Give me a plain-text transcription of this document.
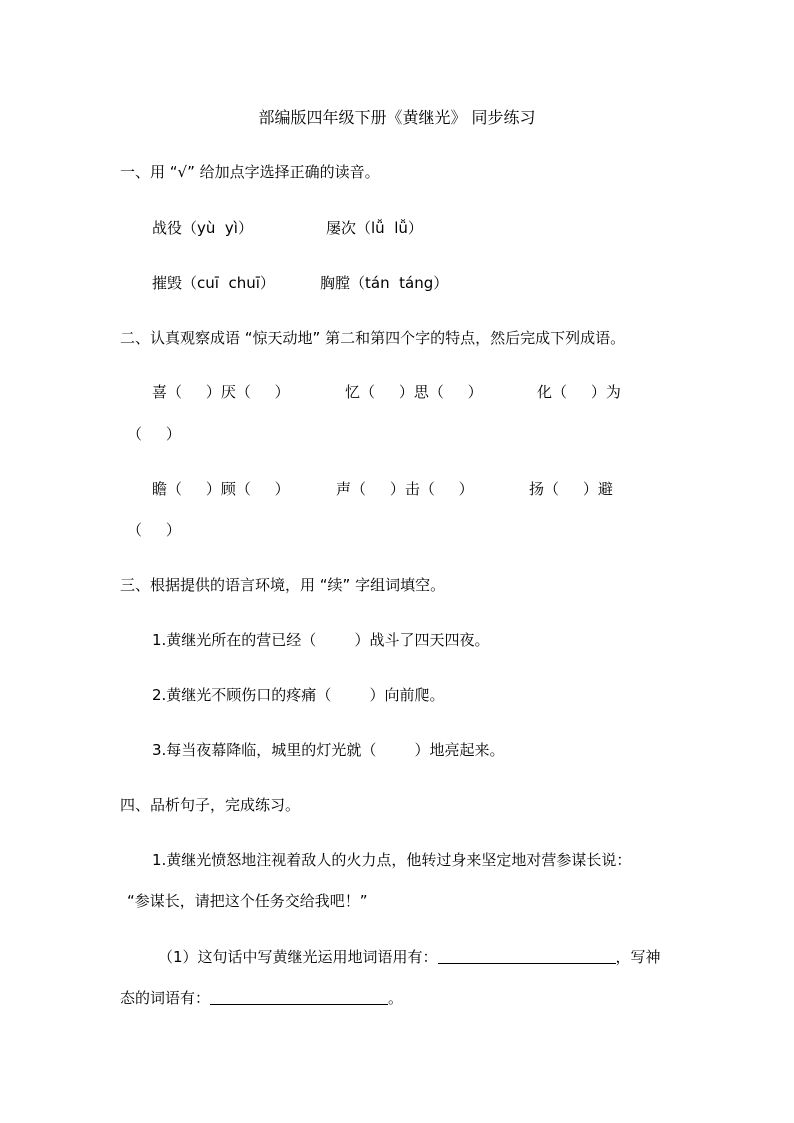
部编版四年级下册《黄继光》 同步练习
一、用 “√” 给加点字选择正确的读音。
战役（yù  yì）	屡次（lǚ  lǚ）
摧毁（cuī  chuī）	胸膛（tán  táng）
二、认真观察成语 “惊天动地” 第二和第四个字的特点，然后完成下列成语。
喜（     ）厌（     ）	忆（     ）思（     ）	化（     ）为
（     ）
瞻（     ）顾（     ）	声（     ）击（     ）	扬（     ）避
（     ）
三、根据提供的语言环境，用 “续” 字组词填空。
1.黄继光所在的营已经（        ）战斗了四天四夜。
2.黄继光不顾伤口的疼痛（        ）向前爬。
3.每当夜幕降临，城里的灯光就（        ）地亮起来。
四、品析句子，完成练习。
1.黄继光愤怒地注视着敌人的火力点，他转过身来坚定地对营参谋长说：
“参谋长，请把这个任务交给我吧！”
（1）这句话中写黄继光运用地词语用有：	，写神
态的词语有：	。
